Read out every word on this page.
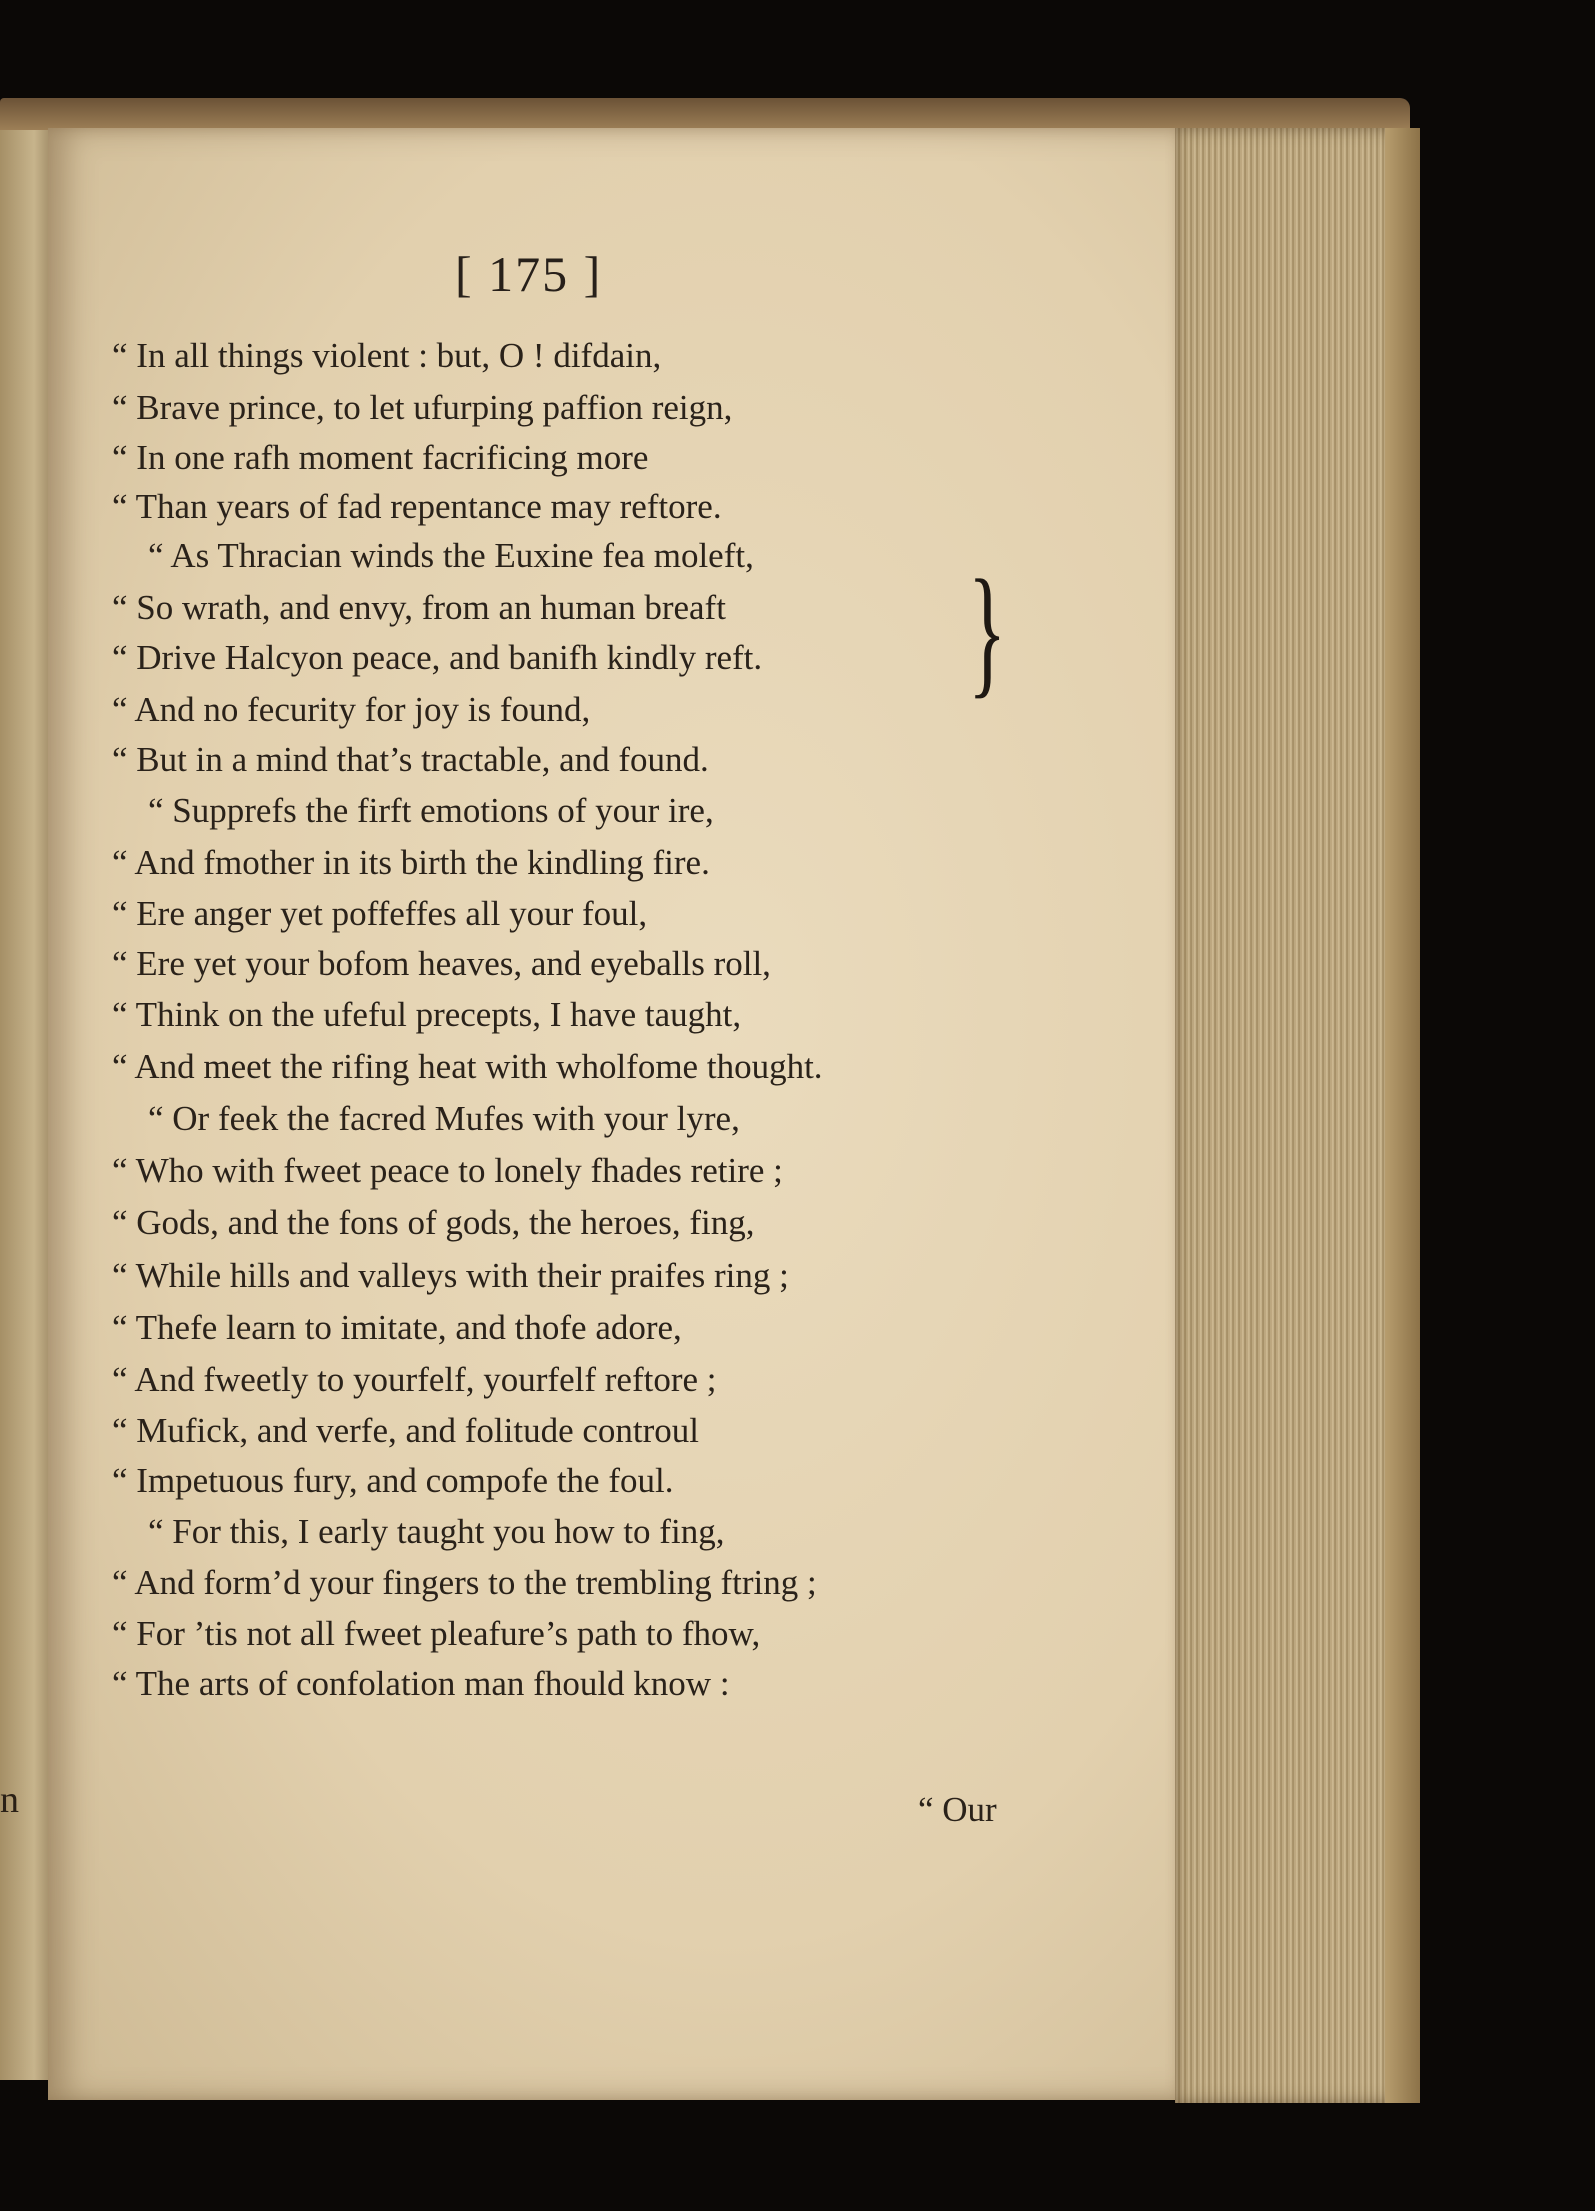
n
[ 175 ]
“ In all things violent : but, O ! difdain,
“ Brave prince, to let ufurping paffion reign,
“ In one rafh moment facrificing more
“ Than years of fad repentance may reftore.
“ As Thracian winds the Euxine fea moleft,
“ So wrath, and envy, from an human breaft
“ Drive Halcyon peace, and banifh kindly reft.
“ And no fecurity for joy is found,
“ But in a mind that’s tractable, and found.
“ Supprefs the firft emotions of your ire,
“ And fmother in its birth the kindling fire.
“ Ere anger yet poffeffes all your foul,
“ Ere yet your bofom heaves, and eyeballs roll,
“ Think on the ufeful precepts, I have taught,
“ And meet the rifing heat with wholfome thought.
“ Or feek the facred Mufes with your lyre,
“ Who with fweet peace to lonely fhades retire ;
“ Gods, and the fons of gods, the heroes, fing,
“ While hills and valleys with their praifes ring ;
“ Thefe learn to imitate, and thofe adore,
“ And fweetly to yourfelf, yourfelf reftore ;
“ Mufick, and verfe, and folitude controul
“ Impetuous fury, and compofe the foul.
“ For this, I early taught you how to fing,
“ And form’d your fingers to the trembling ftring ;
“ For ’tis not all fweet pleafure’s path to fhow,
“ The arts of confolation man fhould know :
}
“ Our
